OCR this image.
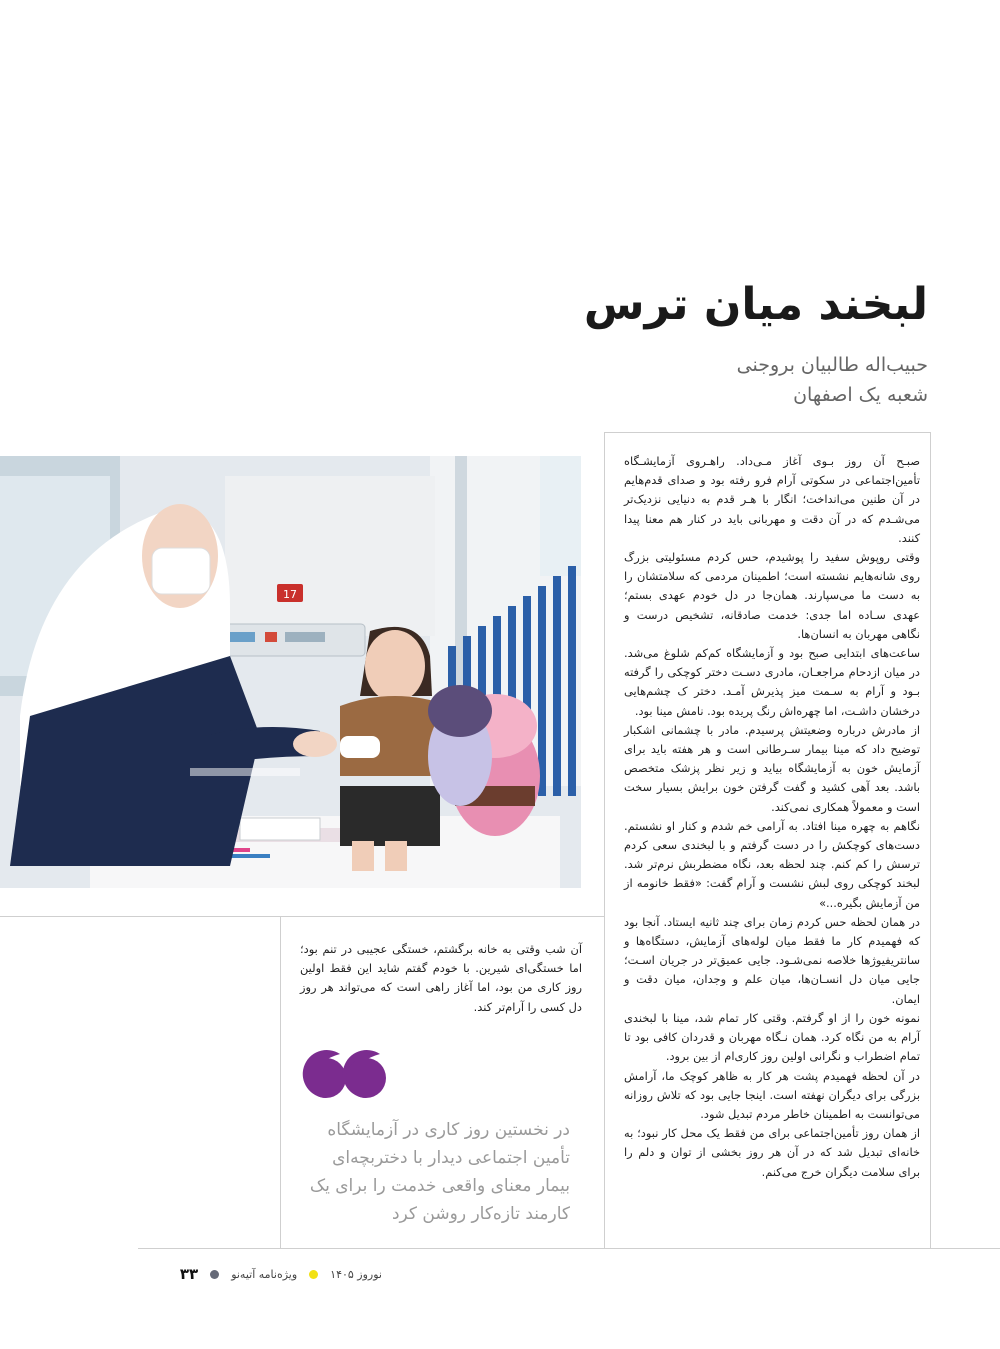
لبخند میان ترس
حبیب‌اله طالبیان بروجنی
شعبه یک اصفهان

صبـح آن روز بـوی آغاز مـی‌داد. راهـروی آزمایشـگاه تأمین‌اجتماعی در سکوتی آرام فرو رفته بود و صدای قدم‌هایم در آن طنین می‌انداخت؛ انگار با هـر قدم به دنیایی نزدیک‌تر می‌شـدم که در آن دقت و مهربانی باید در کنار هم معنا پیدا کنند.

وقتی روپوش سفید را پوشیدم، حس کردم مسئولیتی بزرگ روی شانه‌هایم نشسته است؛ اطمینان مردمی که سلامتشان را به دست ما می‌سپارند. همان‌جا در دل خودم عهدی بستم؛ عهدی سـاده اما جدی: خدمت صادقانه، تشخیص درست و نگاهی مهربان به انسان‌ها.

ساعت‌های ابتدایی صبح بود و آزمایشگاه کم‌کم شلوغ می‌شد. در میان ازدحام مراجعـان، مادری دسـت دختر کوچکی را گرفته بـود و آرام به سـمت میز پذیرش آمـد. دختر ک چشم‌هایی درخشان داشـت، اما چهره‌اش رنگ پریده بود. نامش مینا بود.

از مادرش درباره وضعیتش پرسیدم. مادر با چشمانی اشکبار توضیح داد که مینا بیمار سـرطانی است و هر هفته باید برای آزمایش خون به آزمایشگاه بیاید و زیر نظر پزشک متخصص باشد. بعد آهی کشید و گفت گرفتن خون برایش بسیار سخت است و معمولاً همکاری نمی‌کند.

نگاهم به چهره مینا افتاد. به آرامی خم شدم و کنار او نشستم. دست‌های کوچکش را در دست گرفتم و با لبخندی سعی کردم ترسش را کم کنم. چند لحظه بعد، نگاه مضطربش نرم‌تر شد. لبخند کوچکی روی لبش نشست و آرام گفت: «فقط خانومه از من آزمایش بگیره...»

در همان لحظه حس کردم زمان برای چند ثانیه ایستاد. آنجا بود که فهمیدم کار ما فقط میان لوله‌های آزمایش، دستگاه‌ها و سانتریفیوژها خلاصه نمی‌شـود. جایی عمیق‌تر در جریان اسـت؛ جایی میان دل انسـان‌ها، میان علم و وجدان، میان دقت و ایمان.

نمونه خون را از او گرفتم. وقتی کار تمام شد، مینا با لبخندی آرام به من نگاه کرد. همان نـگاه مهربان و قدردان کافی بود تا تمام اضطراب و نگرانی اولین روز کاری‌ام از بین برود.

در آن لحظه فهمیدم پشت هر کار به ظاهر کوچک ما، آرامش بزرگی برای دیگران نهفته است. اینجا جایی بود که تلاش روزانه می‌توانست به اطمینان خاطر مردم تبدیل شود.

از همان روز تأمین‌اجتماعی برای من فقط یک محل کار نبود؛ به خانه‌ای تبدیل شد که در آن هر روز بخشی از توان و دلم را برای سلامت دیگران خرج می‌کنم.

17

آن شب وقتی به خانه برگشتم، خستگی عجیبی در تنم بود؛ اما خستگی‌ای شیرین. با خودم گفتم شاید این فقط اولین روز کاری من بود، اما آغاز راهی است که می‌تواند هر روز دل کسی را آرام‌تر کند.

در نخستین روز کاری در آزمایشگاه تأمین اجتماعی دیدار با دختربچه‌ای بیمار معنای واقعی خدمت را برای یک کارمند تازه‌کار روشن کرد
نوروز ۱۴۰۵
ویژه‌نامه آتیه‌نو
۳۳
